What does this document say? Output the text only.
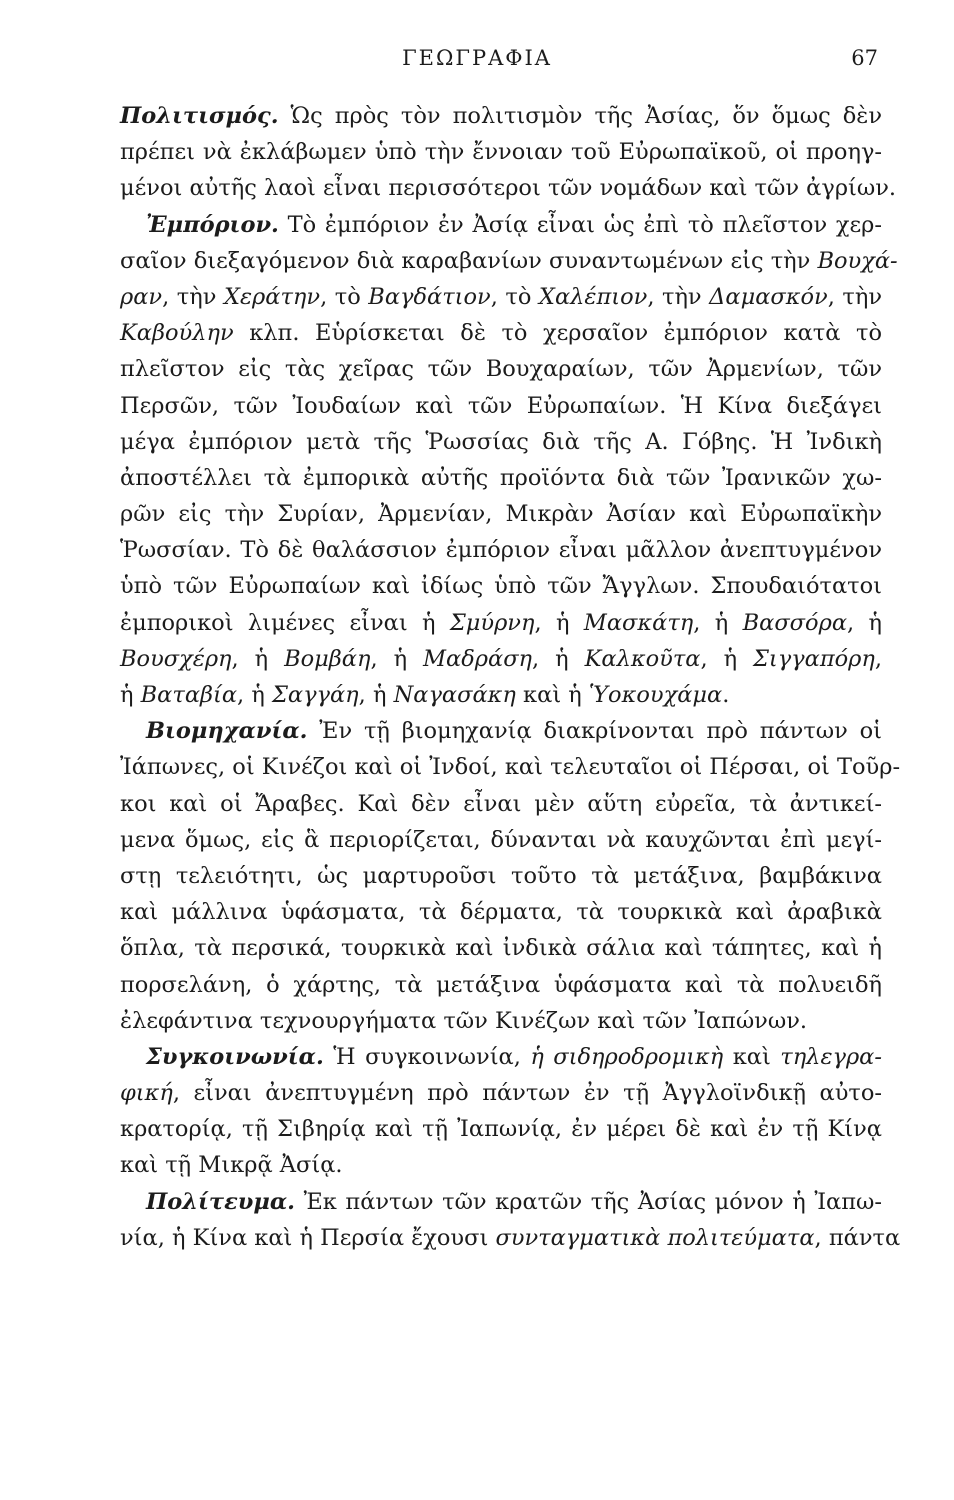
ΓΕΩΓΡΑΦΙΑ	67
Πολιτισμός. Ὡς πρὸς τὸν πολιτισμὸν τῆς Ἀσίας, ὅν ὅμως δὲν
πρέπει νὰ ἐκλάβωμεν ὑπὸ τὴν ἔννοιαν τοῦ Εὐρωπαϊκοῦ, οἱ προηγ-
μένοι αὐτῆς λαοὶ εἶναι περισσότεροι τῶν νομάδων καὶ τῶν ἀγρίων.
Ἐμπόριον. Τὸ ἐμπόριον ἐν Ἀσίᾳ εἶναι ὡς ἐπὶ τὸ πλεῖστον χερ-
σαῖον διεξαγόμενον διὰ καραβανίων συναντωμένων εἰς τὴν Βουχά-
ραν, τὴν Χεράτην, τὸ Βαγδάτιον, τὸ Χαλέπιον, τὴν Δαμασκόν, τὴν
Καβούλην κλπ. Εὑρίσκεται δὲ τὸ χερσαῖον ἐμπόριον κατὰ τὸ
πλεῖστον εἰς τὰς χεῖρας τῶν Βουχαραίων, τῶν Ἀρμενίων, τῶν
Περσῶν, τῶν Ἰουδαίων καὶ τῶν Εὐρωπαίων. Ἡ Κίνα διεξάγει
μέγα ἐμπόριον μετὰ τῆς Ῥωσσίας διὰ τῆς Α. Γόβης. Ἡ Ἰνδικὴ
ἀποστέλλει τὰ ἐμπορικὰ αὐτῆς προϊόντα διὰ τῶν Ἰρανικῶν χω-
ρῶν εἰς τὴν Συρίαν, Ἀρμενίαν, Μικρὰν Ἀσίαν καὶ Εὐρωπαϊκὴν
Ῥωσσίαν. Τὸ δὲ θαλάσσιον ἐμπόριον εἶναι μᾶλλον ἀνεπτυγμένον
ὑπὸ τῶν Εὐρωπαίων καὶ ἰδίως ὑπὸ τῶν Ἄγγλων. Σπουδαιότατοι
ἐμπορικοὶ λιμένες εἶναι ἡ Σμύρνη, ἡ Μασκάτη, ἡ Βασσόρα, ἡ
Βουσχέρη, ἡ Βομβάη, ἡ Μαδράση, ἡ Καλκοῦτα, ἡ Σιγγαπόρη,
ἡ Βαταβία, ἡ Σαγγάη, ἡ Ναγασάκη καὶ ἡ Ὑοκουχάμα.
Βιομηχανία. Ἐν τῇ βιομηχανίᾳ διακρίνονται πρὸ πάντων οἱ
Ἰάπωνες, οἱ Κινέζοι καὶ οἱ Ἰνδοί, καὶ τελευταῖοι οἱ Πέρσαι, οἱ Τοῦρ-
κοι καὶ οἱ Ἄραβες. Καὶ δὲν εἶναι μὲν αὕτη εὐρεῖα, τὰ ἀντικεί-
μενα ὅμως, εἰς ἃ περιορίζεται, δύνανται νὰ καυχῶνται ἐπὶ μεγί-
στῃ τελειότητι, ὡς μαρτυροῦσι τοῦτο τὰ μετάξινα, βαμβάκινα
καὶ μάλλινα ὑφάσματα, τὰ δέρματα, τὰ τουρκικὰ καὶ ἀραβικὰ
ὅπλα, τὰ περσικά, τουρκικὰ καὶ ἰνδικὰ σάλια καὶ τάπητες, καὶ ἡ
πορσελάνη, ὁ χάρτης, τὰ μετάξινα ὑφάσματα καὶ τὰ πολυειδῆ
ἐλεφάντινα τεχνουργήματα τῶν Κινέζων καὶ τῶν Ἰαπώνων.
Συγκοινωνία. Ἡ συγκοινωνία, ἡ σιδηροδρομικὴ καὶ τηλεγρα-
φική, εἶναι ἀνεπτυγμένη πρὸ πάντων ἐν τῇ Ἀγγλοϊνδικῇ αὐτο-
κρατορίᾳ, τῇ Σιβηρίᾳ καὶ τῇ Ἰαπωνίᾳ, ἐν μέρει δὲ καὶ ἐν τῇ Κίνᾳ
καὶ τῇ Μικρᾷ Ἀσίᾳ.
Πολίτευμα. Ἐκ πάντων τῶν κρατῶν τῆς Ἀσίας μόνον ἡ Ἰαπω-
νία, ἡ Κίνα καὶ ἡ Περσία ἔχουσι συνταγματικὰ πολιτεύματα, πάντα
